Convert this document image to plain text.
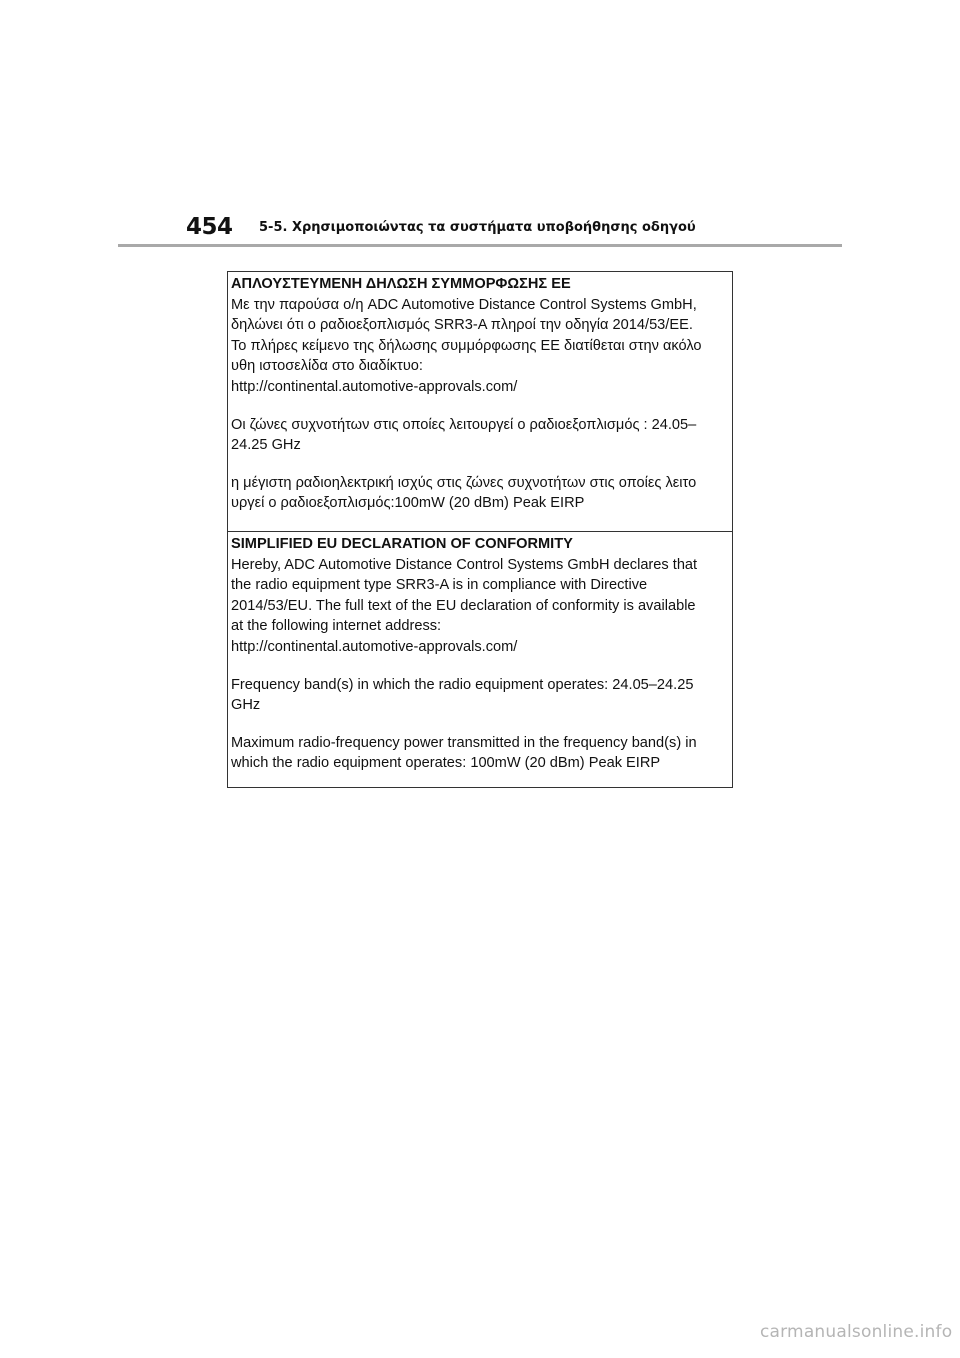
454 5-5. Χρησιμοποιώντας τα συστήματα υποβοήθησης οδηγού
ΑΠΛΟΥΣΤΕΥΜΕΝΗ ΔΗΛΩΣΗ ΣΥΜΜΟΡΦΩΣΗΣ ΕΕ
Με την παρούσα ο/η ADC Automotive Distance Control Systems GmbH,
δηλώνει ότι ο ραδιοεξοπλισμός SRR3-A πληροί την οδηγία 2014/53/ΕΕ.
Το πλήρες κείμενο της δήλωσης συμμόρφωσης ΕΕ διατίθεται στην ακόλο
υθη ιστοσελίδα στο διαδίκτυο:
http://continental.automotive-approvals.com/
Οι ζώνες συχνοτήτων στις οποίες λειτουργεί ο ραδιοεξοπλισμός : 24.05–
24.25 GHz
η μέγιστη ραδιοηλεκτρική ισχύς στις ζώνες συχνοτήτων στις οποίες λειτο
υργεί ο ραδιοεξοπλισμός:100mW (20 dBm) Peak EIRP
SIMPLIFIED EU DECLARATION OF CONFORMITY
Hereby, ADC Automotive Distance Control Systems GmbH declares that
the radio equipment type SRR3-A is in compliance with Directive
2014/53/EU. The full text of the EU declaration of conformity is available
at the following internet address:
http://continental.automotive-approvals.com/
Frequency band(s) in which the radio equipment operates: 24.05–24.25
GHz
Maximum radio-frequency power transmitted in the frequency band(s) in
which the radio equipment operates: 100mW (20 dBm) Peak EIRP
carmanualsonline.info
